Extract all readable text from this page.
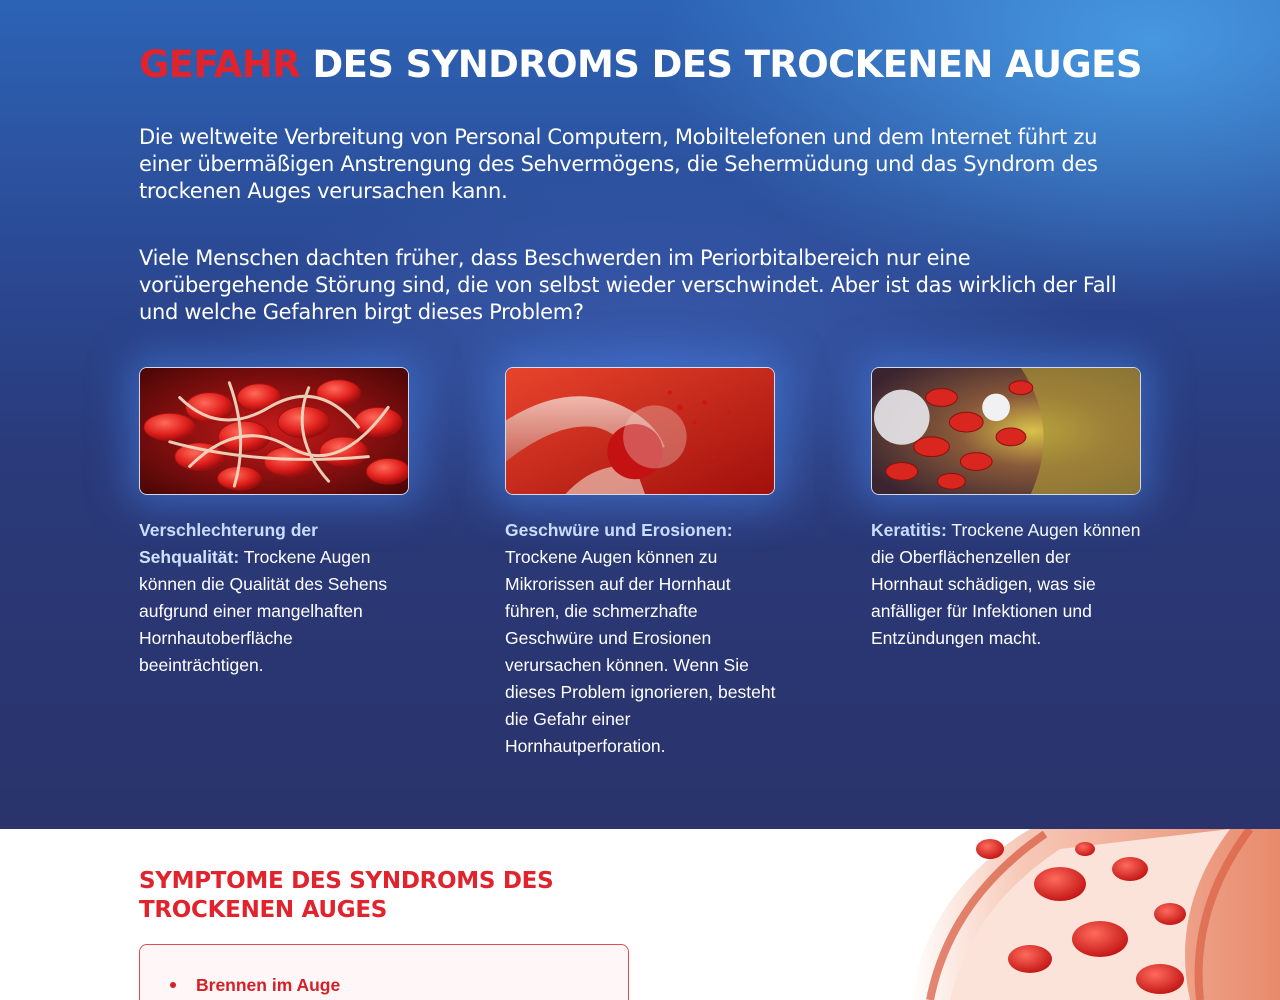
GEFAHR DES SYNDROMS DES TROCKENEN AUGES

Die weltweite Verbreitung von Personal Computern, Mobiltelefonen und dem Internet führt zu einer übermäßigen Anstrengung des Sehvermögens, die Sehermüdung und das Syndrom des trockenen Auges verursachen kann.

Viele Menschen dachten früher, dass Beschwerden im Periorbitalbereich nur eine vorübergehende Störung sind, die von selbst wieder verschwindet. Aber ist das wirklich der Fall und welche Gefahren birgt dieses Problem?

Verschlechterung der Sehqualität: Trockene Augen können die Qualität des Sehens aufgrund einer mangelhaften Hornhautoberfläche beeinträchtigen.

Geschwüre und Erosionen: Trockene Augen können zu Mikrorissen auf der Hornhaut führen, die schmerzhafte Geschwüre und Erosionen verursachen können. Wenn Sie dieses Problem ignorieren, besteht die Gefahr einer Hornhautperforation.

Keratitis: Trockene Augen können die Oberflächenzellen der Hornhaut schädigen, was sie anfälliger für Infektionen und Entzündungen macht.

SYMPTOME DES SYNDROMS DES TROCKENEN AUGES
Brennen im Auge
